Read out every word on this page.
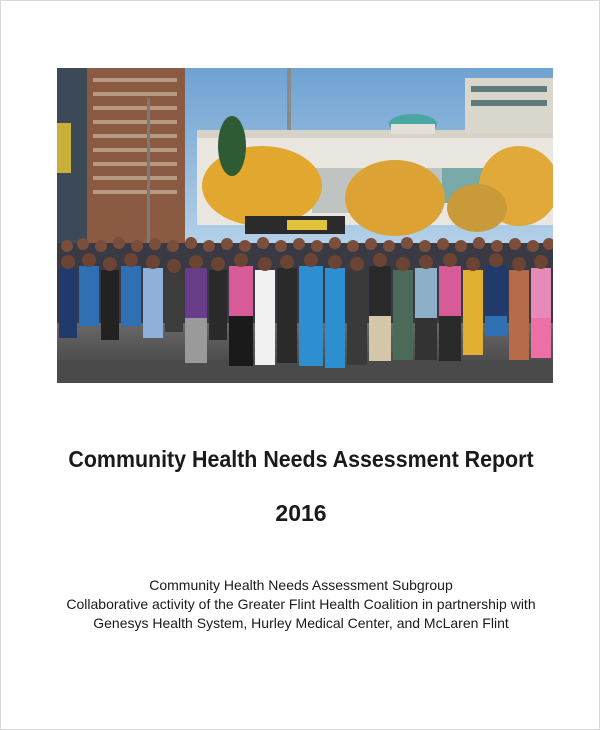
Community Health Needs Assessment Report
2016
Community Health Needs Assessment Subgroup
Collaborative activity of the Greater Flint Health Coalition in partnership with
Genesys Health System, Hurley Medical Center, and McLaren Flint
